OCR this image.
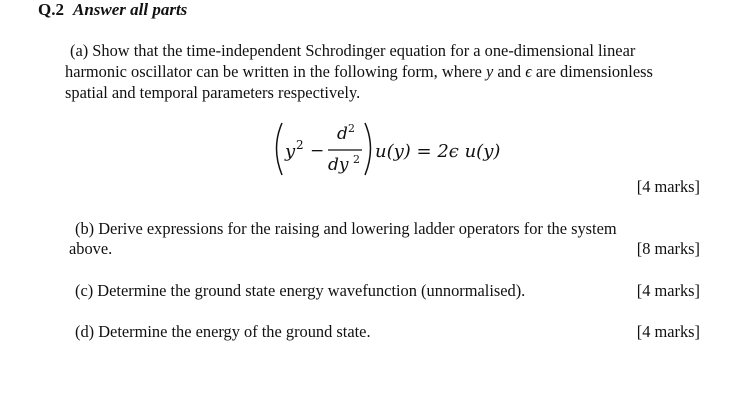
Q.2 Answer all parts
(a) Show that the time-independent Schrodinger equation for a one-dimensional linear
harmonic oscillator can be written in the following form, where y and ϵ are dimensionless
spatial and temporal parameters respectively.
y 2 −
d 2
dy 2 u(y) = 2ϵ u(y)
[4 marks]
(b) Derive expressions for the raising and lowering ladder operators for the system
above.	[8 marks]
(c) Determine the ground state energy wavefunction (unnormalised).	[4 marks]
(d) Determine the energy of the ground state.	[4 marks]
